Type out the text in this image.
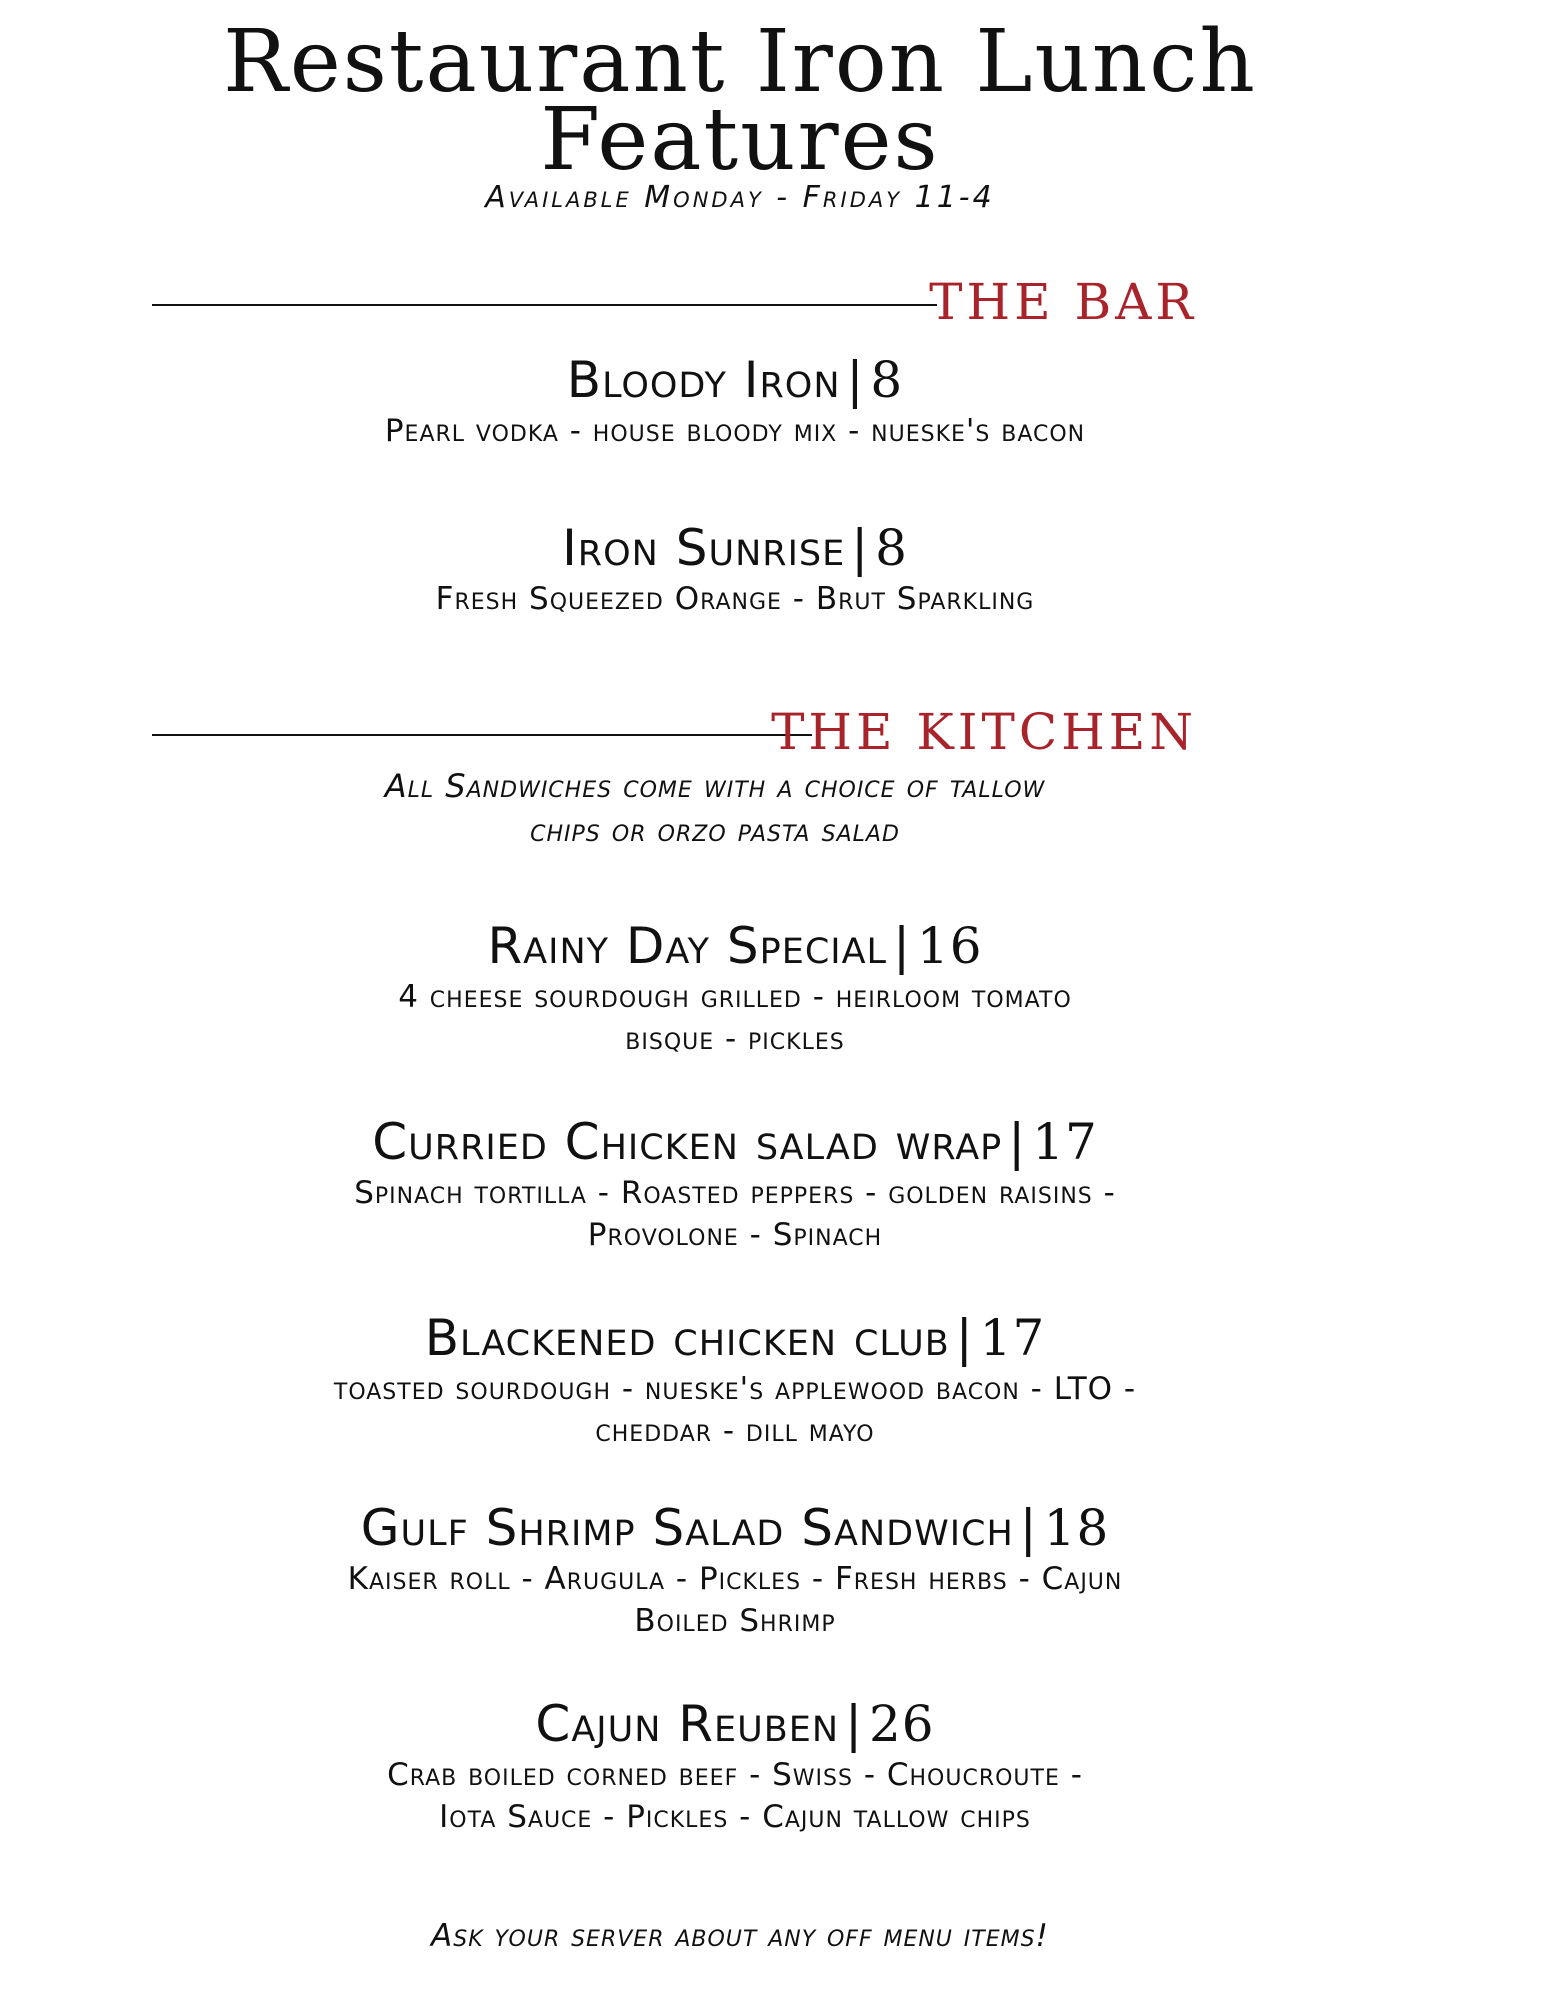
Restaurant Iron Lunch
Features
Available Monday - Friday 11-4
THE BAR
Bloody Iron | 8
Pearl vodka - house bloody mix - nueske's bacon
Iron Sunrise | 8
Fresh Squeezed Orange - Brut Sparkling
THE KITCHEN
All Sandwiches come with a choice of tallow
chips or orzo pasta salad
Rainy Day Special | 16
4 cheese sourdough grilled - heirloom tomato
bisque - pickles
Curried Chicken salad wrap | 17
Spinach tortilla - Roasted peppers - golden raisins -
Provolone - Spinach
Blackened chicken club | 17
toasted sourdough - nueske's applewood bacon - LTO -
cheddar - dill mayo
Gulf Shrimp Salad Sandwich | 18
Kaiser roll - Arugula - Pickles - Fresh herbs - Cajun
Boiled Shrimp
Cajun Reuben | 26
Crab boiled corned beef - Swiss - Choucroute -
Iota Sauce - Pickles - Cajun tallow chips
Ask your server about any off menu items!
